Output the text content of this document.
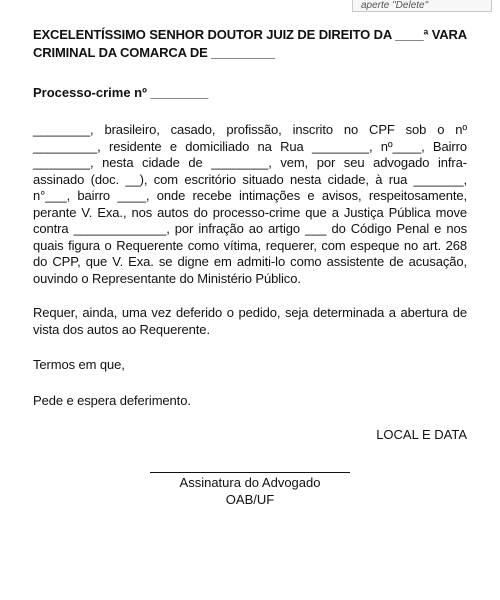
aperte "Delete"

EXCELENTÍSSIMO SENHOR DOUTOR JUIZ DE DIREITO DA ____ª VARA CRIMINAL DA COMARCA DE _________

Processo-crime nº ________

________, brasileiro, casado, profissão, inscrito no CPF sob o nº _________, residente e domiciliado na Rua ________, nº____, Bairro ________, nesta cidade de ________, vem, por seu advogado infra-assinado (doc. __), com escritório situado nesta cidade, à rua _______, n°___, bairro ____, onde recebe intimações e avisos, respeitosamente, perante V. Exa., nos autos do processo-crime que a Justiça Pública move contra _____________, por infração ao artigo ___ do Código Penal e nos quais figura o Requerente como vítima, requerer, com espeque no art. 268 do CPP, que V. Exa. se digne em admiti-lo como assistente de acusação, ouvindo o Representante do Ministério Público.

Requer, ainda, uma vez deferido o pedido, seja determinada a abertura de vista dos autos ao Requerente.

Termos em que,

Pede e espera deferimento.

LOCAL E DATA

Assinatura do Advogado
OAB/UF
